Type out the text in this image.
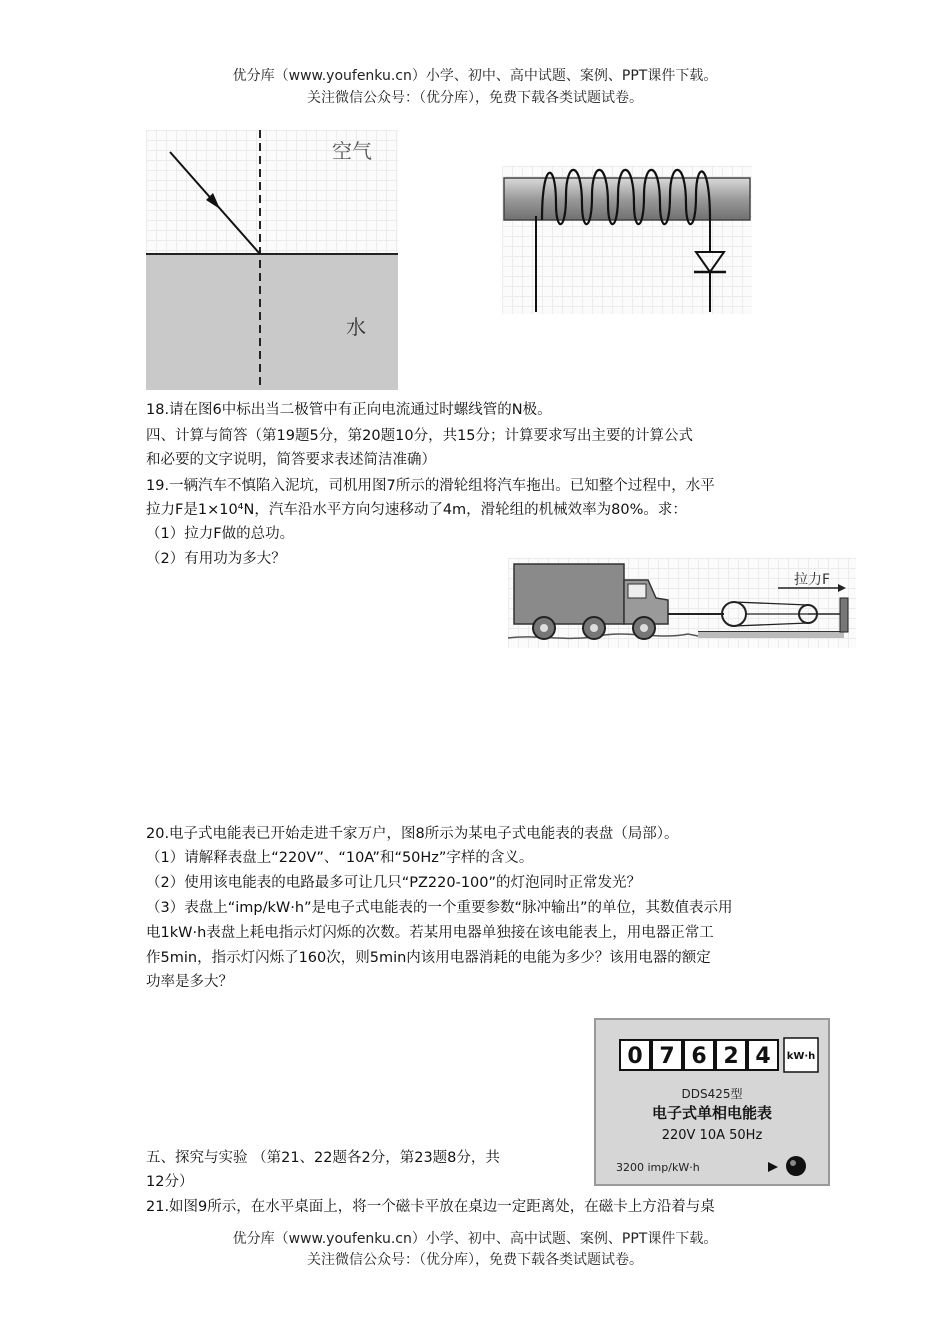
优分库（www.youfenku.cn）小学、初中、高中试题、案例、PPT课件下载。
关注微信公众号：（优分库），免费下载各类试题试卷。
空气
水
18.请在图6中标出当二极管中有正向电流通过时螺线管的N极。
四、计算与简答（第19题5分，第20题10分，共15分；计算要求写出主要的计算公式
和必要的文字说明，简答要求表述简洁准确）
19.一辆汽车不慎陷入泥坑，司机用图7所示的滑轮组将汽车拖出。已知整个过程中，水平
拉力F是1×10⁴N，汽车沿水平方向匀速移动了4m，滑轮组的机械效率为80%。求：
（1）拉力F做的总功。
（2）有用功为多大？
拉力F
20.电子式电能表已开始走进千家万户，图8所示为某电子式电能表的表盘（局部）。
（1）请解释表盘上“220V”、“10A”和“50Hz”字样的含义。
（2）使用该电能表的电路最多可让几只“PZ220-100”的灯泡同时正常发光？
（3）表盘上“imp/kW·h”是电子式电能表的一个重要参数“脉冲输出”的单位，其数值表示用
电1kW·h表盘上耗电指示灯闪烁的次数。若某用电器单独接在该电能表上，用电器正常工
作5min，指示灯闪烁了160次，则5min内该用电器消耗的电能为多少？该用电器的额定
功率是多大？
0 7 6 2 4 kW·h
DDS425型
电子式单相电能表
220V 10A 50Hz
3200 imp/kW·h
五、探究与实验 （第21、22题各2分，第23题8分，共
12分）
21.如图9所示，在水平桌面上，将一个磁卡平放在桌边一定距离处，在磁卡上方沿着与桌
优分库（www.youfenku.cn）小学、初中、高中试题、案例、PPT课件下载。
关注微信公众号：（优分库），免费下载各类试题试卷。
